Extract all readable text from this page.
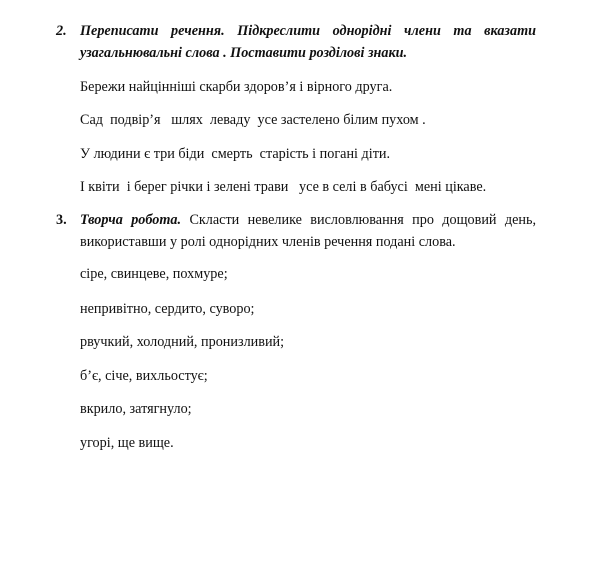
2. Переписати речення. Підкреслити однорідні члени та вказати узагальнювальні слова . Поставити розділові знаки.
Бережи найцінніші скарби здоров’я і вірного друга.
Сад  подвір’я   шлях  леваду  усе застелено білим пухом .
У людини є три біди  смерть  старість і погані діти.
І квіти  і берег річки і зелені трави   усе в селі в бабусі  мені цікаве.
3. Творча робота. Скласти невелике висловлювання про дощовий день, використавши у ролі однорідних членів речення подані слова.
сіре, свинцеве, похмуре;
непривітно, сердито, суворо;
рвучкий, холодний, пронизливий;
б’є, січе, вихльостує;
вкрило, затягнуло;
угорі, ще вище.
